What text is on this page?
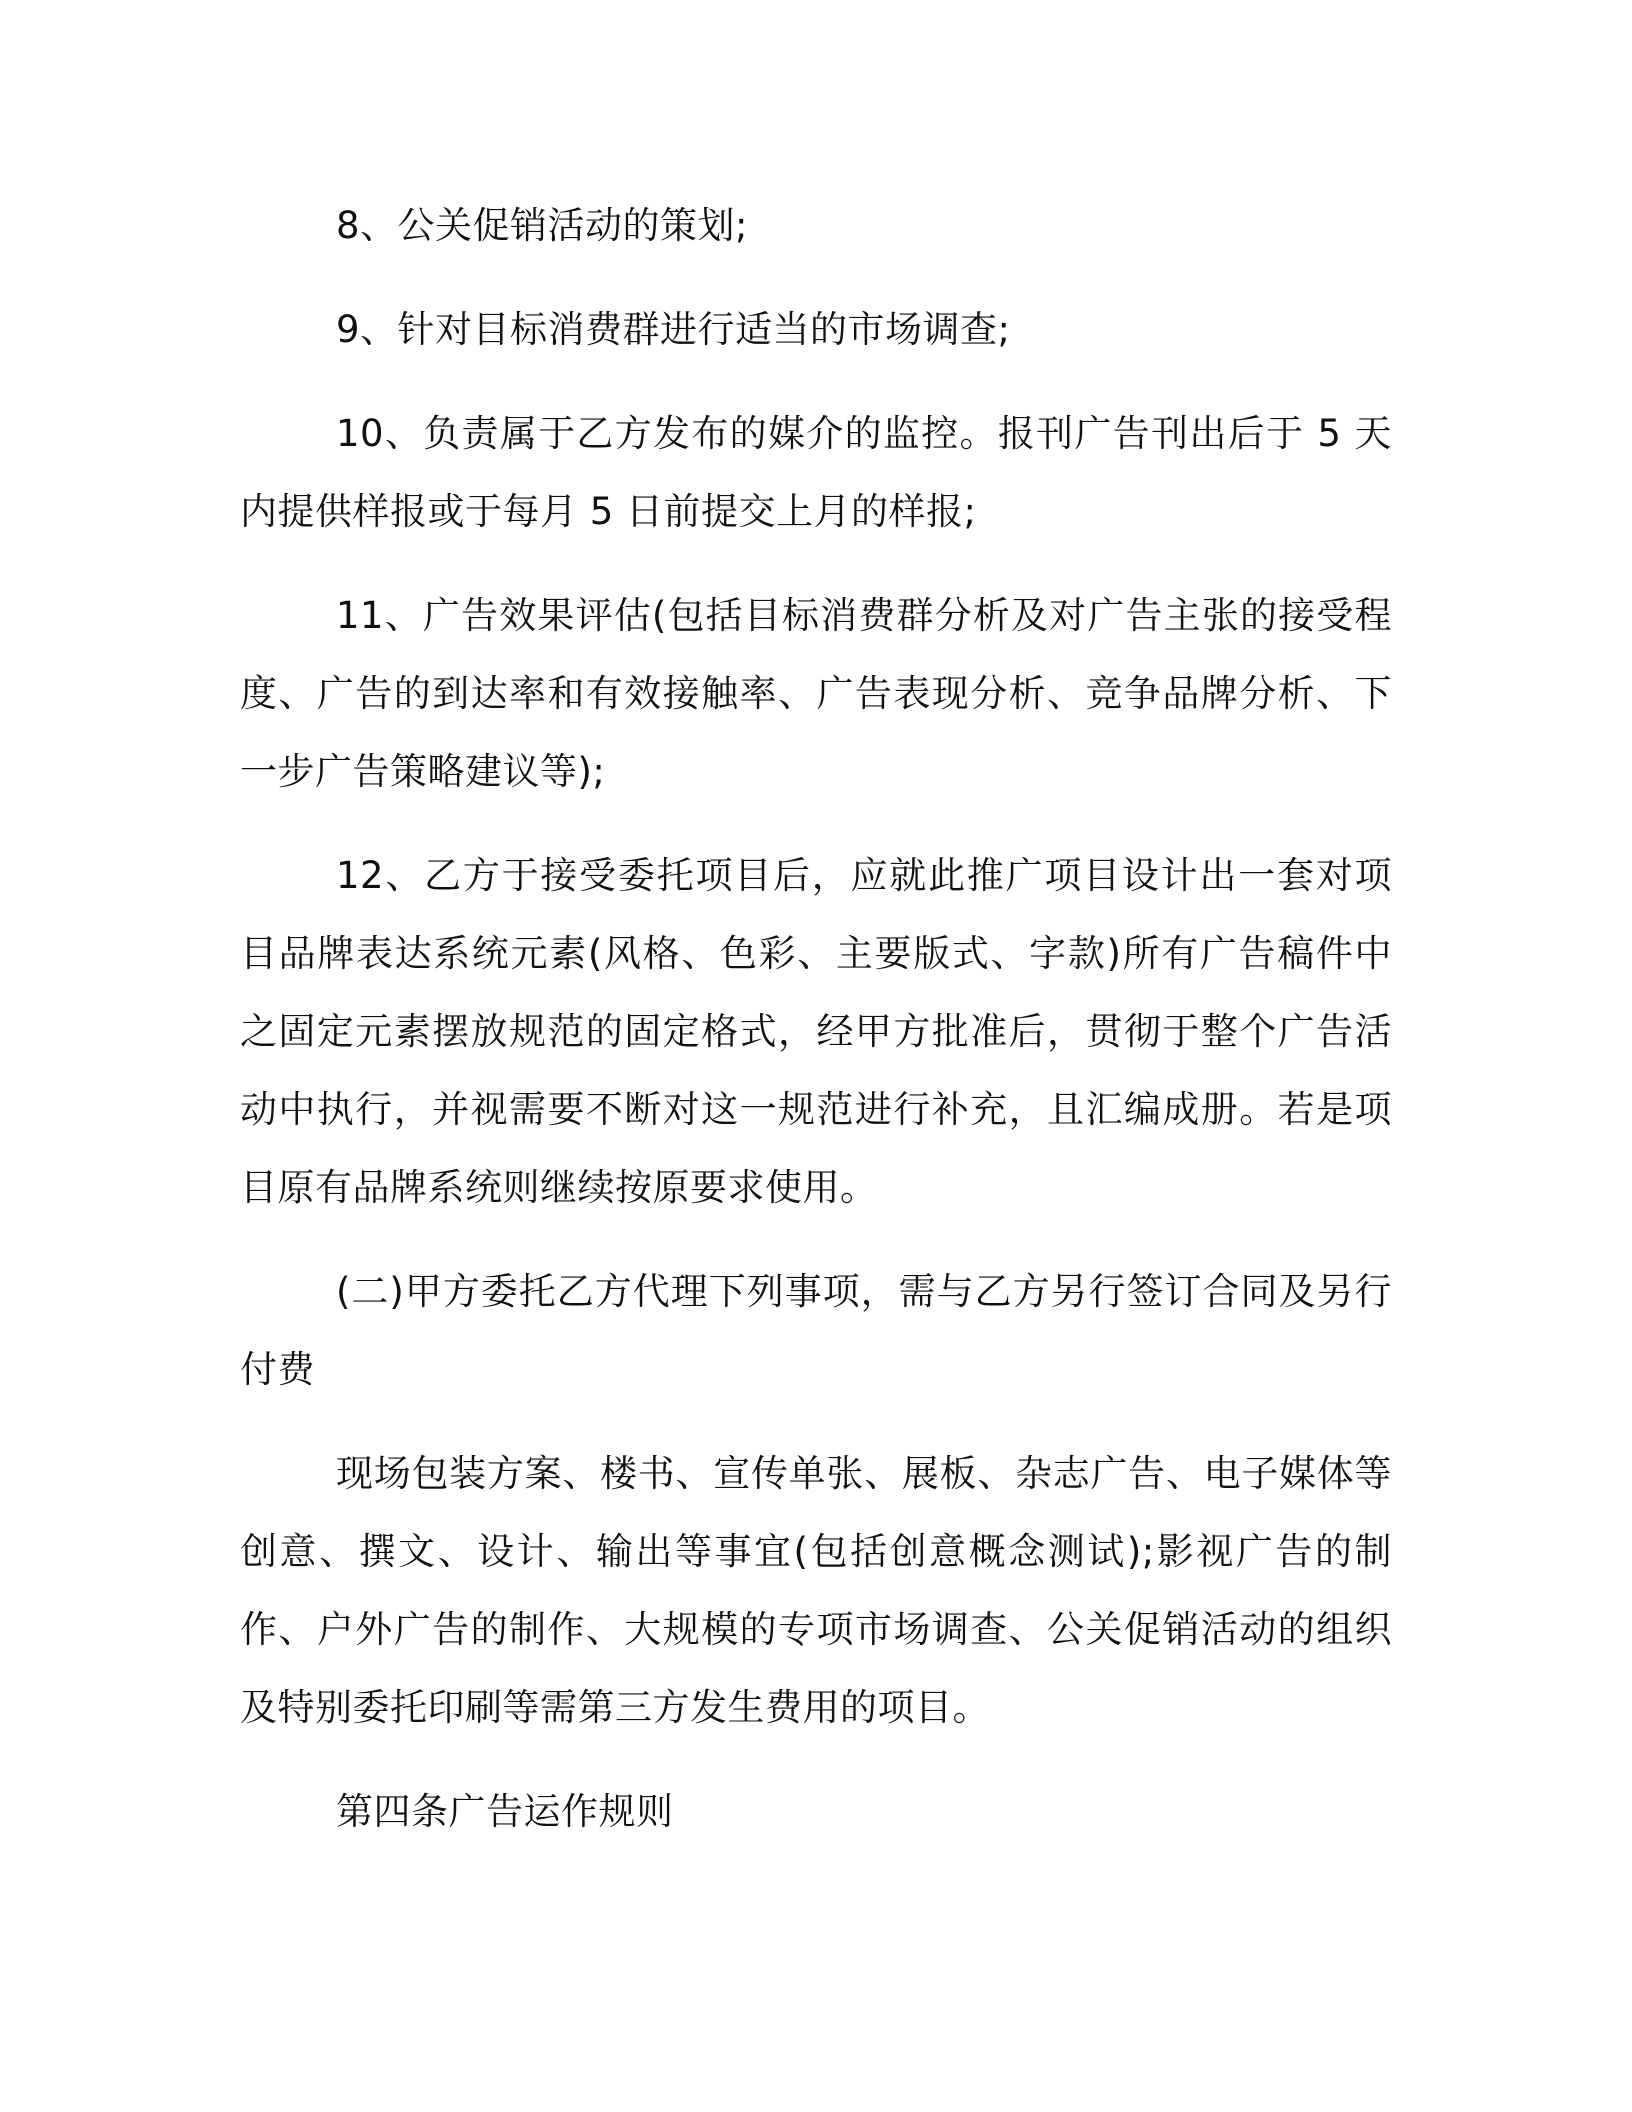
8、公关促销活动的策划;

9、针对目标消费群进行适当的市场调查;

10、负责属于乙方发布的媒介的监控。报刊广告刊出后于 5 天内提供样报或于每月 5 日前提交上月的样报;

11、广告效果评估(包括目标消费群分析及对广告主张的接受程度、广告的到达率和有效接触率、广告表现分析、竞争品牌分析、下一步广告策略建议等);

12、乙方于接受委托项目后，应就此推广项目设计出一套对项目品牌表达系统元素(风格、色彩、主要版式、字款)所有广告稿件中之固定元素摆放规范的固定格式，经甲方批准后，贯彻于整个广告活动中执行，并视需要不断对这一规范进行补充，且汇编成册。若是项目原有品牌系统则继续按原要求使用。

(二)甲方委托乙方代理下列事项，需与乙方另行签订合同及另行付费

现场包装方案、楼书、宣传单张、展板、杂志广告、电子媒体等创意、撰文、设计、输出等事宜(包括创意概念测试);影视广告的制作、户外广告的制作、大规模的专项市场调查、公关促销活动的组织及特别委托印刷等需第三方发生费用的项目。

第四条广告运作规则
